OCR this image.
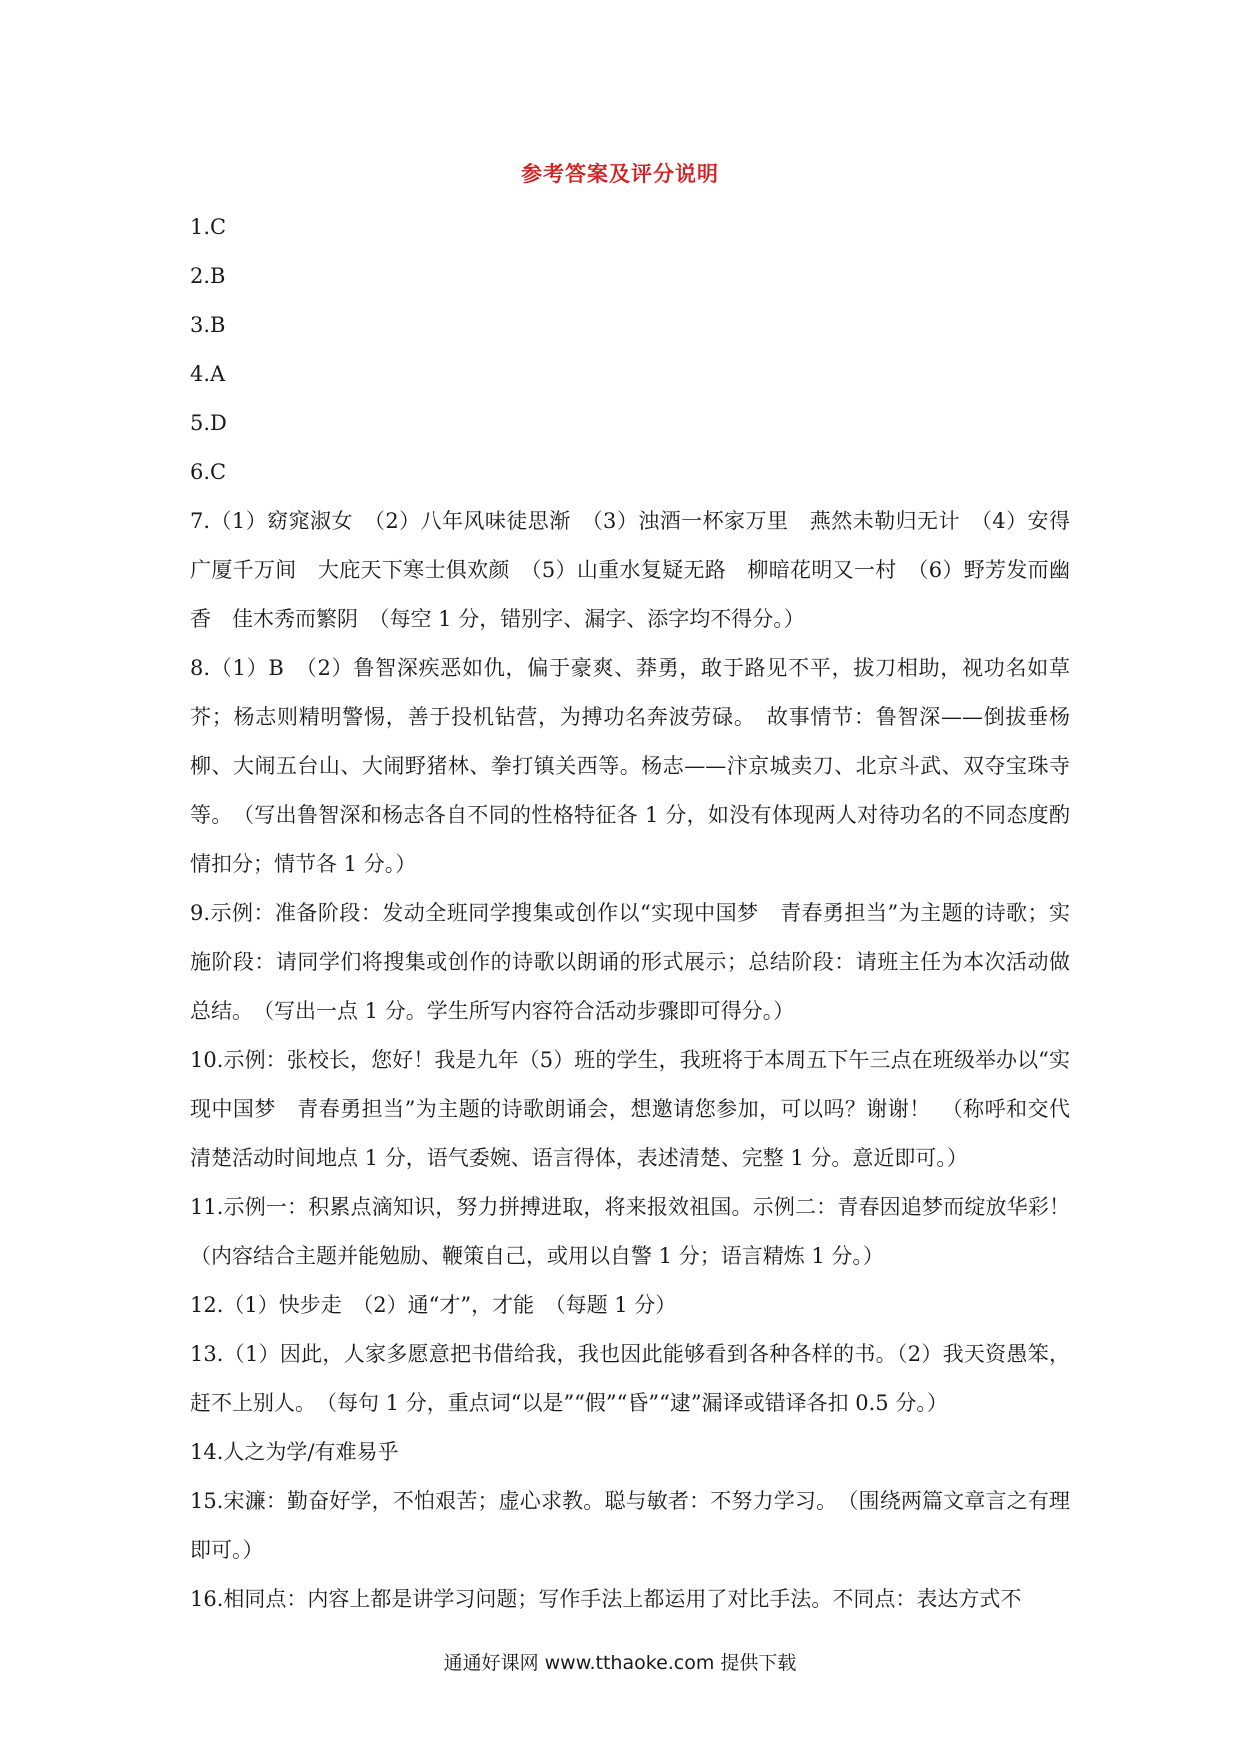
参考答案及评分说明

1.C

2.B

3.B

4.A

5.D

6.C

7.（1）窈窕淑女　（2）八年风味徒思渐　（3）浊酒一杯家万里　燕然未勒归无计　（4）安得广厦千万间　大庇天下寒士俱欢颜　（5）山重水复疑无路　柳暗花明又一村　（6）野芳发而幽香　佳木秀而繁阴　（每空 1 分，错别字、漏字、添字均不得分。）

8.（1）B　（2）鲁智深疾恶如仇，偏于豪爽、莽勇，敢于路见不平，拔刀相助，视功名如草芥；杨志则精明警惕，善于投机钻营，为搏功名奔波劳碌。　故事情节：鲁智深——倒拔垂杨柳、大闹五台山、大闹野猪林、拳打镇关西等。杨志——汴京城卖刀、北京斗武、双夺宝珠寺等。　（写出鲁智深和杨志各自不同的性格特征各 1 分，如没有体现两人对待功名的不同态度酌情扣分；情节各 1 分。）

9.示例：准备阶段：发动全班同学搜集或创作以“实现中国梦　青春勇担当”为主题的诗歌；实施阶段：请同学们将搜集或创作的诗歌以朗诵的形式展示；总结阶段：请班主任为本次活动做总结。　（写出一点 1 分。学生所写内容符合活动步骤即可得分。）

10.示例：张校长，您好！我是九年（5）班的学生，我班将于本周五下午三点在班级举办以“实现中国梦　青春勇担当”为主题的诗歌朗诵会，想邀请您参加，可以吗？谢谢！　（称呼和交代清楚活动时间地点 1 分，语气委婉、语言得体，表述清楚、完整 1 分。意近即可。）

11.示例一：积累点滴知识，努力拼搏进取，将来报效祖国。示例二：青春因追梦而绽放华彩！　（内容结合主题并能勉励、鞭策自己，或用以自警 1 分；语言精炼 1 分。）

12.（1）快步走　（2）通“才”，才能　（每题 1 分）

13.（1）因此，人家多愿意把书借给我，我也因此能够看到各种各样的书。（2）我天资愚笨，赶不上别人。　（每句 1 分，重点词“以是”“假”“昏”“逮”漏译或错译各扣 0.5 分。）

14.人之为学/有难易乎

15.宋濂：勤奋好学，不怕艰苦；虚心求教。聪与敏者：不努力学习。　（围绕两篇文章言之有理即可。）

16.相同点：内容上都是讲学习问题；写作手法上都运用了对比手法。不同点：表达方式不

通通好课网 www.tthaoke.com 提供下载
